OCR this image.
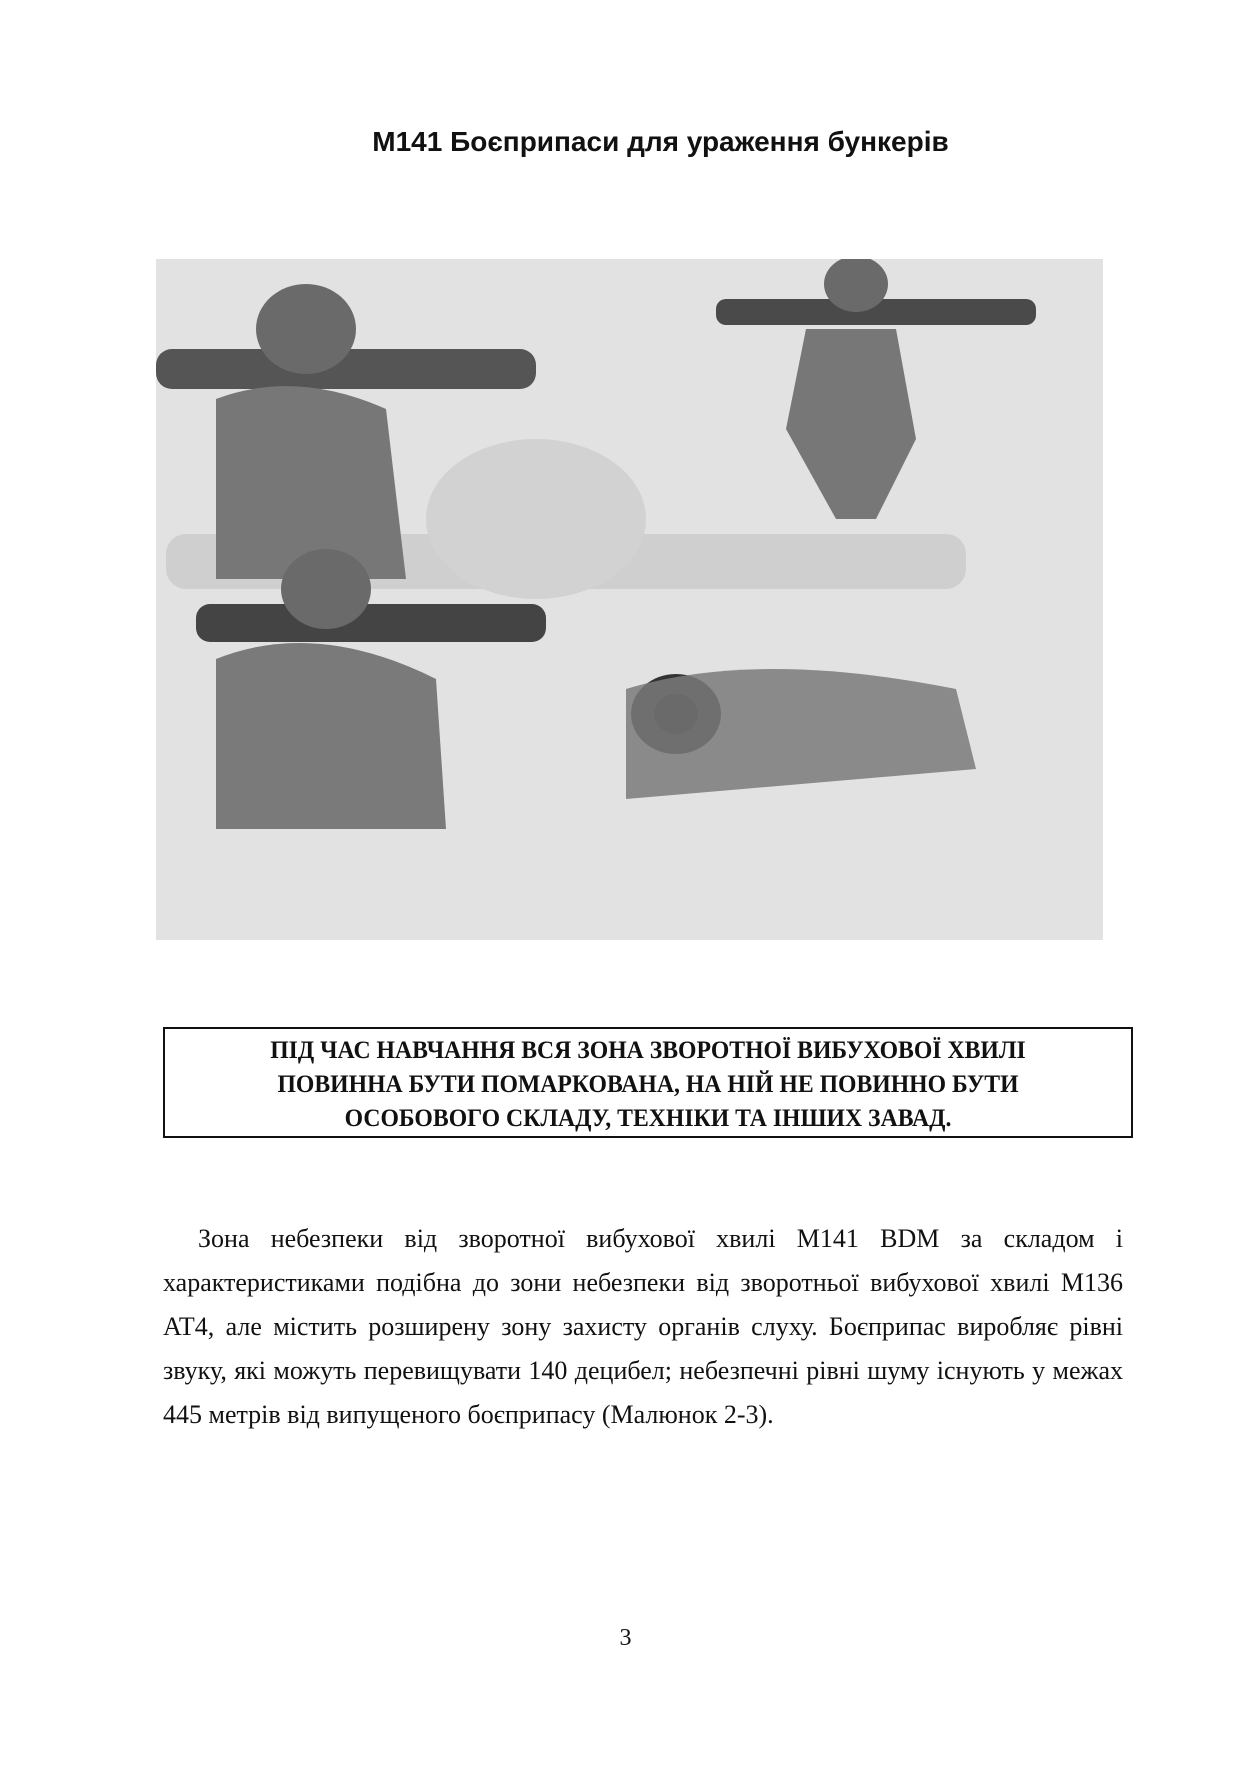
М141 Боєприпаси для ураження бункерів
ПІД ЧАС НАВЧАННЯ ВСЯ ЗОНА ЗВОРОТНОЇ ВИБУХОВОЇ ХВИЛІ
ПОВИННА БУТИ ПОМАРКОВАНА, НА НІЙ НЕ ПОВИННО БУТИ
ОСОБОВОГО СКЛАДУ, ТЕХНІКИ ТА ІНШИХ ЗАВАД.
Зона небезпеки від зворотної вибухової хвилі М141 BDM за складом і характеристиками подібна до зони небезпеки від зворотньої вибухової хвилі М136 AT4, але містить розширену зону захисту органів слуху. Боєприпас виробляє рівні звуку, які можуть перевищувати 140 децибел; небезпечні рівні шуму існують у межах 445 метрів від випущеного боєприпасу (Малюнок 2-3).
3
